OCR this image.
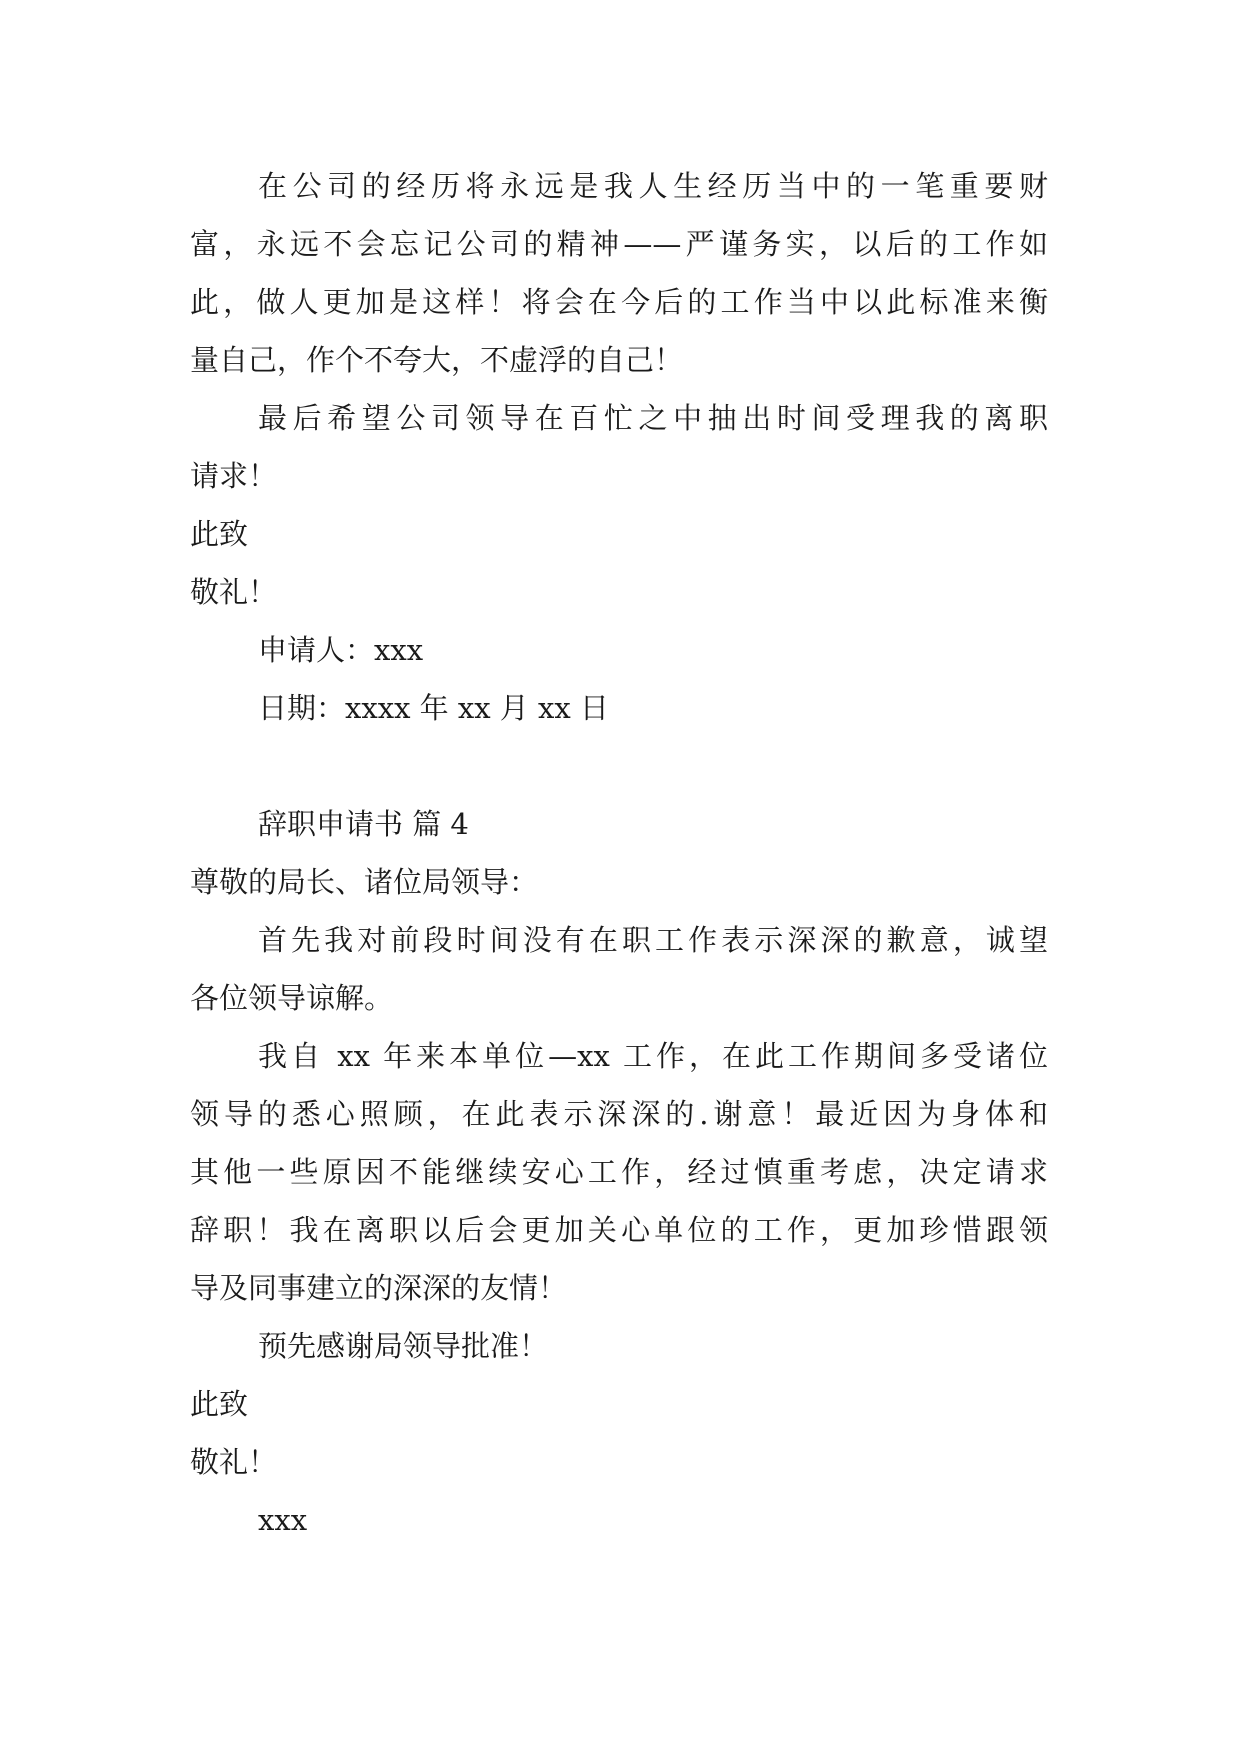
在公司的经历将永远是我人生经历当中的一笔重要财
富，永远不会忘记公司的精神——严谨务实，以后的工作如
此，做人更加是这样！将会在今后的工作当中以此标准来衡
量自己，作个不夸大，不虚浮的自己！
最后希望公司领导在百忙之中抽出时间受理我的离职
请求！
此致
敬礼！
申请人：xxx
日期：xxxx 年 xx 月 xx 日
辞职申请书 篇 4
尊敬的局长、诸位局领导：
首先我对前段时间没有在职工作表示深深的歉意，诚望
各位领导谅解。
我自 xx 年来本单位—xx 工作，在此工作期间多受诸位
领导的悉心照顾，在此表示深深的.谢意！最近因为身体和
其他一些原因不能继续安心工作，经过慎重考虑，决定请求
辞职！我在离职以后会更加关心单位的工作，更加珍惜跟领
导及同事建立的深深的友情！
预先感谢局领导批准！
此致
敬礼！
xxx
